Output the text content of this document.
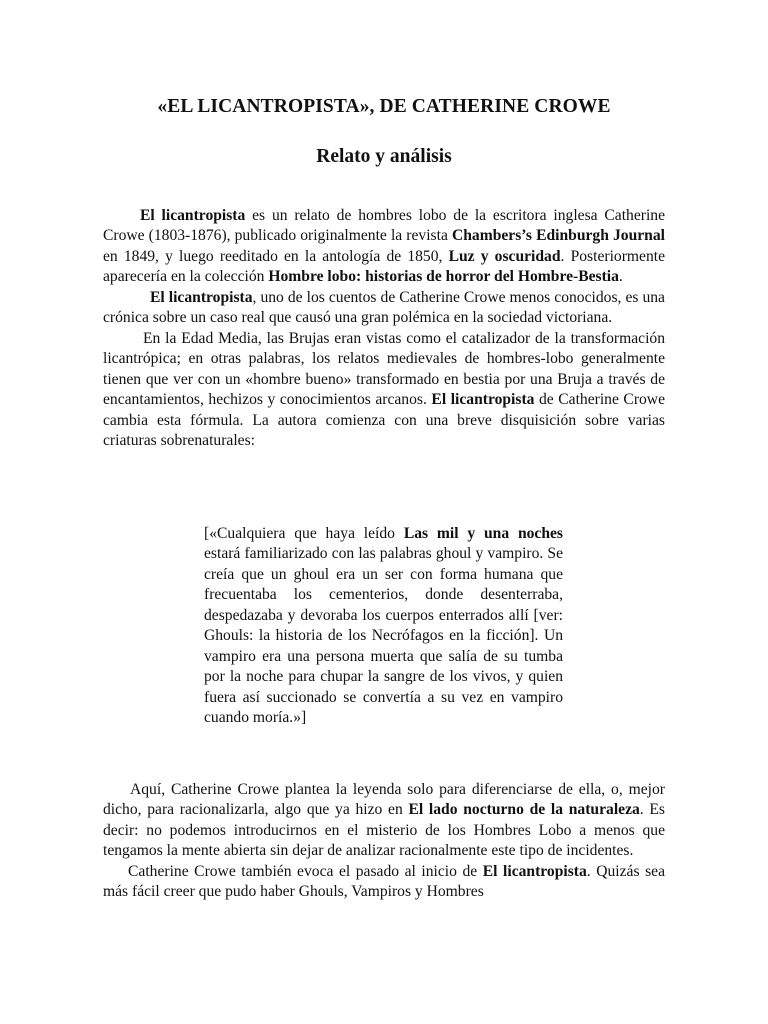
«EL LICANTROPISTA», DE CATHERINE CROWE
Relato y análisis

El licantropista es un relato de hombres lobo de la escritora inglesa Catherine Crowe (1803-1876), publicado originalmente la revista Chambers’s Edinburgh Journal en 1849, y luego reeditado en la antología de 1850, Luz y oscuridad. Posteriormente aparecería en la colección Hombre lobo: historias de horror del Hombre-Bestia.

El licantropista, uno de los cuentos de Catherine Crowe menos conocidos, es una crónica sobre un caso real que causó una gran polémica en la sociedad victoriana.

En la Edad Media, las Brujas eran vistas como el catalizador de la transformación licantrópica; en otras palabras, los relatos medievales de hombres-lobo generalmente tienen que ver con un «hombre bueno» transformado en bestia por una Bruja a través de encantamientos, hechizos y conocimientos arcanos. El licantropista de Catherine Crowe cambia esta fórmula. La autora comienza con una breve disquisición sobre varias criaturas sobrenaturales:

[«Cualquiera que haya leído Las mil y una noches estará familiarizado con las palabras ghoul y vampiro. Se creía que un ghoul era un ser con forma humana que frecuentaba los cementerios, donde desenterraba, despedazaba y devoraba los cuerpos enterrados allí [ver: Ghouls: la historia de los Necrófagos en la ficción]. Un vampiro era una persona muerta que salía de su tumba por la noche para chupar la sangre de los vivos, y quien fuera así succionado se convertía a su vez en vampiro cuando moría.»]

Aquí, Catherine Crowe plantea la leyenda solo para diferenciarse de ella, o, mejor dicho, para racionalizarla, algo que ya hizo en El lado nocturno de la naturaleza. Es decir: no podemos introducirnos en el misterio de los Hombres Lobo a menos que tengamos la mente abierta sin dejar de analizar racionalmente este tipo de incidentes.

Catherine Crowe también evoca el pasado al inicio de El licantropista. Quizás sea más fácil creer que pudo haber Ghouls, Vampiros y Hombres
